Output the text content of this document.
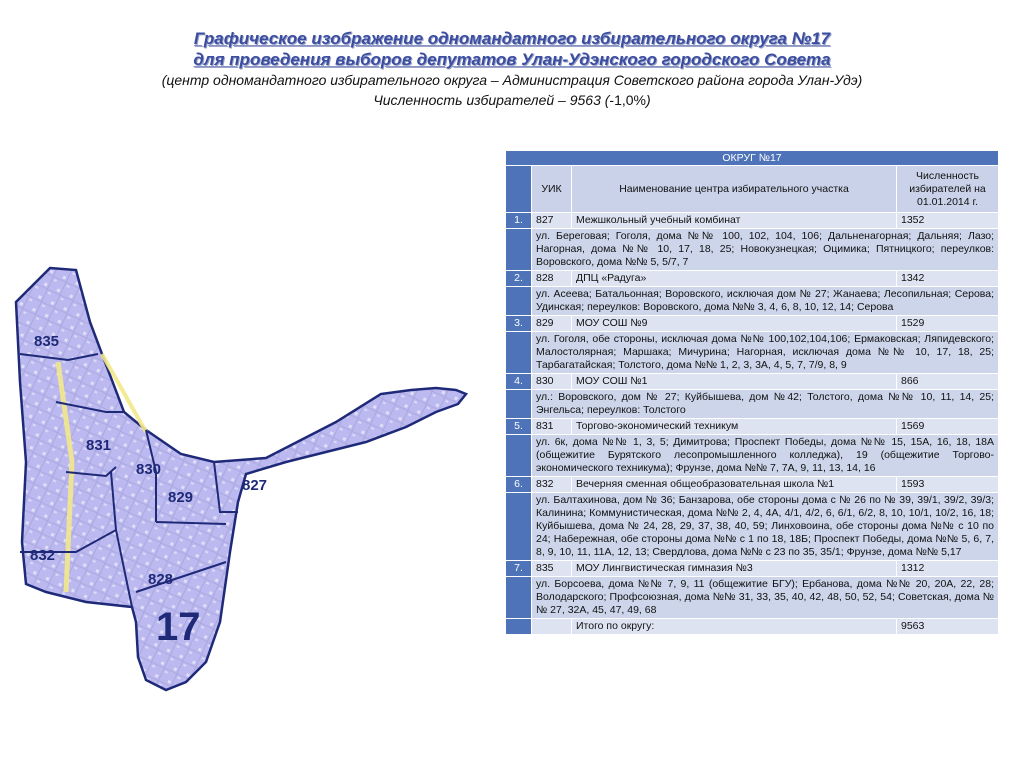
Графическое изображение одномандатного избирательного округа №17
для проведения выборов депутатов Улан-Удэнского городского Совета
(центр одномандатного избирательного округа – Администрация Советского района города Улан-Удэ)
Численность избирателей – 9563 (-1,0%)
835
831
830
829
827
832
828
17
ОКРУГ №17			
	УИК	Наименование центра избирательного участка	Численность избирателей на 01.01.2014 г.
1.	827	Межшкольный учебный комбинат	1352
	ул. Береговая; Гоголя, дома №№ 100, 102, 104, 106; Дальненагорная; Дальняя; Лазо; Нагорная, дома №№ 10, 17, 18, 25; Новокузнецкая; Оцимика; Пятницкого; переулков: Воровского, дома №№ 5, 5/7, 7		
2.	828	ДПЦ «Радуга»	1342
	ул. Асеева; Батальонная; Воровского, исключая дом № 27; Жанаева; Лесопильная; Серова; Удинская; переулков: Воровского, дома №№ 3, 4, 6, 8, 10, 12, 14; Серова		
3.	829	МОУ СОШ №9	1529
	ул. Гоголя, обе стороны, исключая дома №№ 100,102,104,106; Ермаковская; Ляпидевского; Малостолярная; Маршака; Мичурина; Нагорная, исключая дома №№ 10, 17, 18, 25; Тарбагатайская; Толстого, дома №№ 1, 2, 3, 3А, 4, 5, 7, 7/9, 8, 9		
4.	830	МОУ СОШ №1	866
	ул.: Воровского, дом № 27; Куйбышева, дом №42; Толстого, дома №№ 10, 11, 14, 25; Энгельса; переулков: Толстого		
5.	831	Торгово-экономический техникум	1569
	ул. 6к, дома №№ 1, 3, 5; Димитрова; Проспект Победы, дома №№ 15, 15А, 16, 18, 18А (общежитие Бурятского лесопромышленного колледжа), 19 (общежитие Торгово-экономического техникума); Фрунзе, дома №№ 7, 7А, 9, 11, 13, 14, 16		
6.	832	Вечерняя сменная общеобразовательная школа №1	1593
	ул. Балтахинова, дом № 36; Банзарова, обе стороны дома с № 26 по № 39, 39/1, 39/2, 39/3; Калинина; Коммунистическая, дома №№ 2, 4, 4А, 4/1, 4/2, 6, 6/1, 6/2, 8, 10, 10/1, 10/2, 16, 18; Куйбышева, дома № 24, 28, 29, 37, 38, 40, 59; Линховоина, обе стороны дома №№ с 10 по 24; Набережная, обе стороны дома №№ с 1 по 18, 18Б; Проспект Победы, дома №№ 5, 6, 7, 8, 9, 10, 11, 11А, 12, 13; Свердлова, дома №№ с 23 по 35, 35/1; Фрунзе, дома №№ 5,17		
7.	835	МОУ Лингвистическая гимназия №3	1312
	ул. Борсоева, дома №№ 7, 9, 11 (общежитие БГУ); Ербанова, дома №№ 20, 20А, 22, 28; Володарского; Профсоюзная, дома №№ 31, 33, 35, 40, 42, 48, 50, 52, 54; Советская, дома №№ 27, 32А, 45, 47, 49, 68		
		Итого по округу:	9563
